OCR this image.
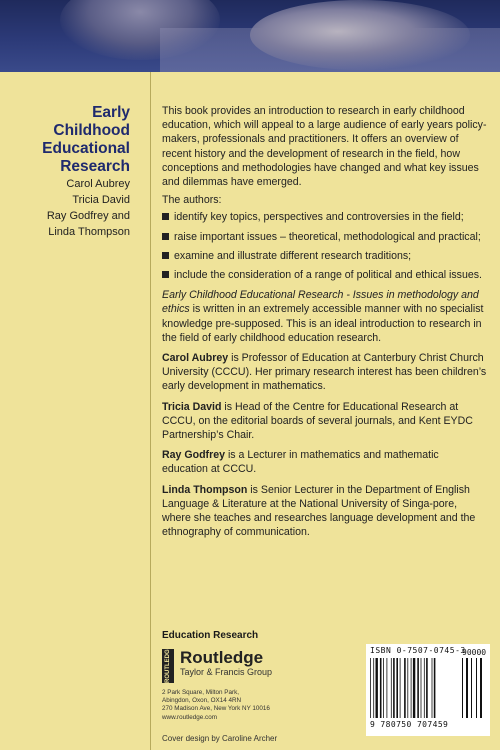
Early
Childhood
Educational
Research
Carol Aubrey
Tricia David
Ray Godfrey and
Linda Thompson

This book provides an introduction to research in early childhood education, which will appeal to a large audience of early years policy-makers, professionals and practitioners. It offers an overview of recent history and the development of research in the field, how conceptions and methodologies have changed and what key issues and dilemmas have emerged.

The authors:

identify key topics, perspectives and controversies in the field;
raise important issues – theoretical, methodological and practical;
examine and illustrate different research traditions;
include the consideration of a range of political and ethical issues.

Early Childhood Educational Research - Issues in methodology and ethics is written in an extremely accessible manner with no specialist knowledge pre-supposed. This is an ideal introduction to research in the field of early childhood education research.

Carol Aubrey is Professor of Education at Canterbury Christ Church University (CCCU). Her primary research interest has been children’s early development in mathematics.

Tricia David is Head of the Centre for Educational Research at CCCU, on the editorial boards of several journals, and Kent EYDC Partnership’s Chair.

Ray Godfrey is a Lecturer in mathematics and mathematic education at CCCU.

Linda Thompson is Senior Lecturer in the Department of English Language & Literature at the National University of Singa-pore, where she teaches and researches language development and the ethnography of communication.

Education Research
ROUTLEDGE Routledge
Taylor & Francis Group
2 Park Square, Milton Park,
Abingdon, Oxon, OX14 4RN
270 Madison Ave, New York NY 10016
www.routledge.com
Cover design by Caroline Archer
ISBN 0-7507-0745-3
90000
9 780750 707459
